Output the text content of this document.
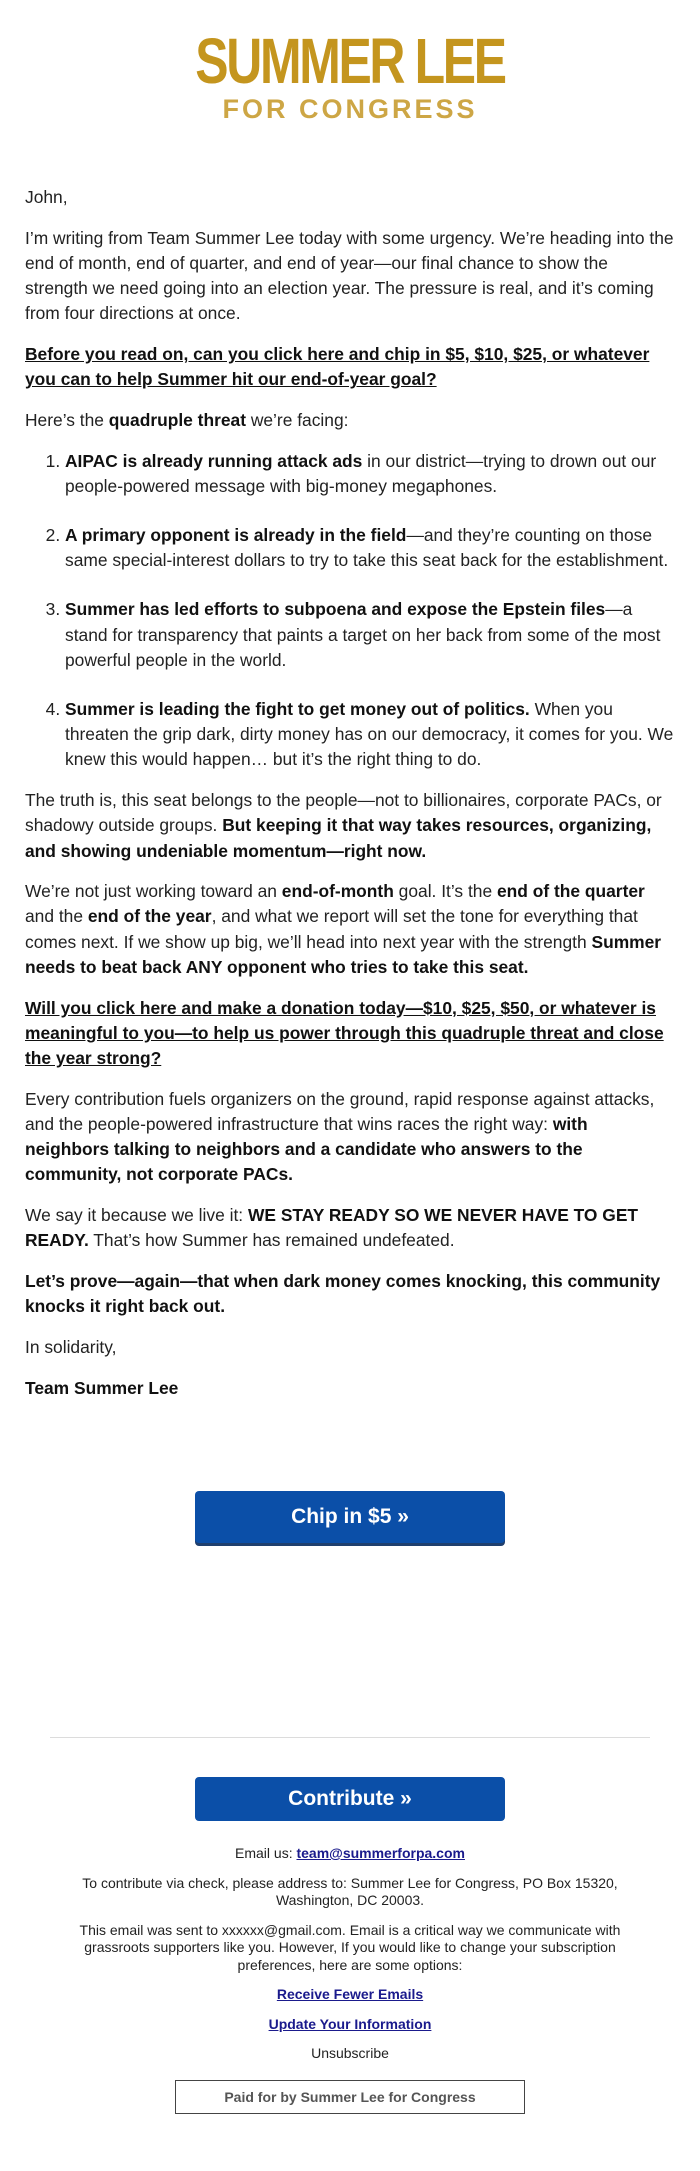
SUMMER LEE
FOR CONGRESS

John,

I’m writing from Team Summer Lee today with some urgency. We’re heading into the end of month, end of quarter, and end of year—our final chance to show the strength we need going into an election year. The pressure is real, and it’s coming from four directions at once.

Before you read on, can you click here and chip in $5, $10, $25, or whatever you can to help Summer hit our end-of-year goal?

Here’s the quadruple threat we’re facing:

1. AIPAC is already running attack ads in our district—trying to drown out our people-powered message with big-money megaphones.
2. A primary opponent is already in the field—and they’re counting on those same special-interest dollars to try to take this seat back for the establishment.
3. Summer has led efforts to subpoena and expose the Epstein files—a stand for transparency that paints a target on her back from some of the most powerful people in the world.
4. Summer is leading the fight to get money out of politics. When you threaten the grip dark, dirty money has on our democracy, it comes for you. We knew this would happen… but it’s the right thing to do.

The truth is, this seat belongs to the people—not to billionaires, corporate PACs, or shadowy outside groups. But keeping it that way takes resources, organizing, and showing undeniable momentum—right now.

We’re not just working toward an end-of-month goal. It’s the end of the quarter and the end of the year, and what we report will set the tone for everything that comes next. If we show up big, we’ll head into next year with the strength Summer needs to beat back ANY opponent who tries to take this seat.

Will you click here and make a donation today—$10, $25, $50, or whatever is meaningful to you—to help us power through this quadruple threat and close the year strong?

Every contribution fuels organizers on the ground, rapid response against attacks, and the people-powered infrastructure that wins races the right way: with neighbors talking to neighbors and a candidate who answers to the community, not corporate PACs.

We say it because we live it: WE STAY READY SO WE NEVER HAVE TO GET READY. That’s how Summer has remained undefeated.

Let’s prove—again—that when dark money comes knocking, this community knocks it right back out.

In solidarity,

Team Summer Lee

Chip in $5 »
Contribute »

Email us: team@summerforpa.com

To contribute via check, please address to: Summer Lee for Congress, PO Box 15320, Washington, DC 20003.

This email was sent to xxxxxx@gmail.com. Email is a critical way we communicate with grassroots supporters like you. However, If you would like to change your subscription preferences, here are some options:

Receive Fewer Emails

Update Your Information

Unsubscribe

Paid for by Summer Lee for Congress
